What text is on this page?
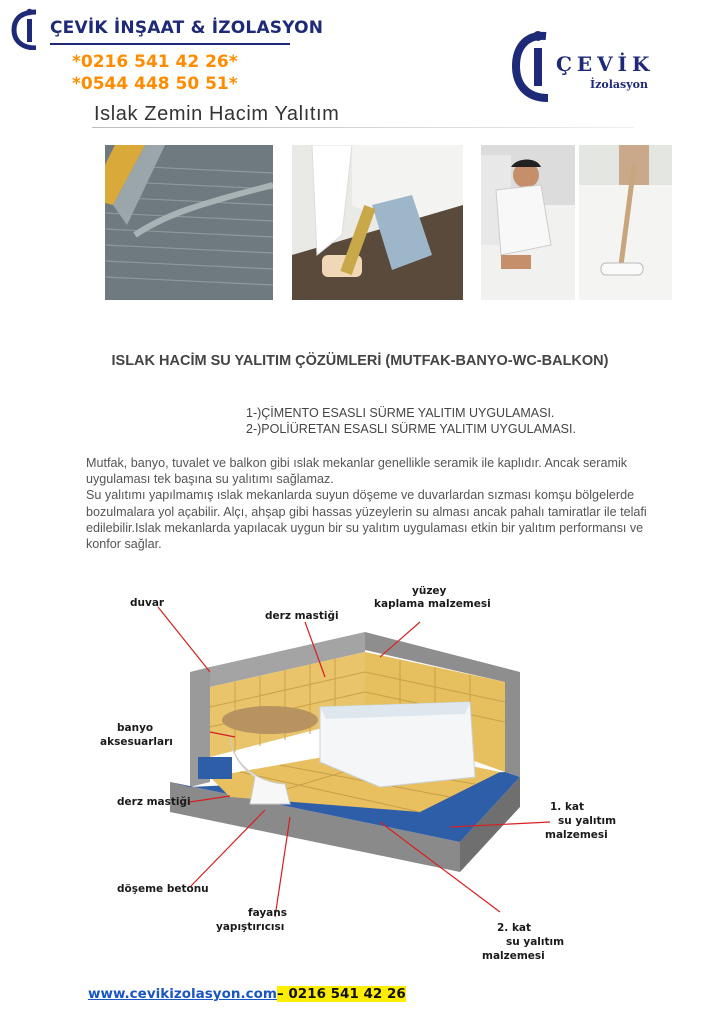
ÇEVİK İNŞAAT & İZOLASYON
*0216 541 42 26*
*0544 448 50 51*
Islak Zemin Hacim Yalıtım
ÇEVİK
İzolasyon
ISLAK HACİM SU YALITIM ÇÖZÜMLERİ (MUTFAK-BANYO-WC-BALKON)
1-)ÇİMENTO ESASLI SÜRME YALITIM UYGULAMASI.
2-)POLİÜRETAN ESASLI SÜRME YALITIM UYGULAMASI.
Mutfak, banyo, tuvalet ve balkon gibi ıslak mekanlar genellikle seramik ile kaplıdır. Ancak seramik uygulaması tek başına su yalıtımı sağlamaz.
Su yalıtımı yapılmamış ıslak mekanlarda suyun döşeme ve duvarlardan sızması komşu bölgelerde bozulmalara yol açabilir. Alçı, ahşap gibi hassas yüzeylerin su alması ancak pahalı tamiratlar ile telafi edilebilir.Islak mekanlarda yapılacak uygun bir su yalıtım uygulaması etkin bir yalıtım performansı ve konfor sağlar.
duvar
derz mastiği
yüzey
kaplama malzemesi
banyo
aksesuarları
derz mastiği	1. kat
su yalıtım
malzemesi
döşeme betonu
fayans
yapıştırıcısı	2. kat
su yalıtım
malzemesi
www.cevikizolasyon.com– 0216 541 42 26
